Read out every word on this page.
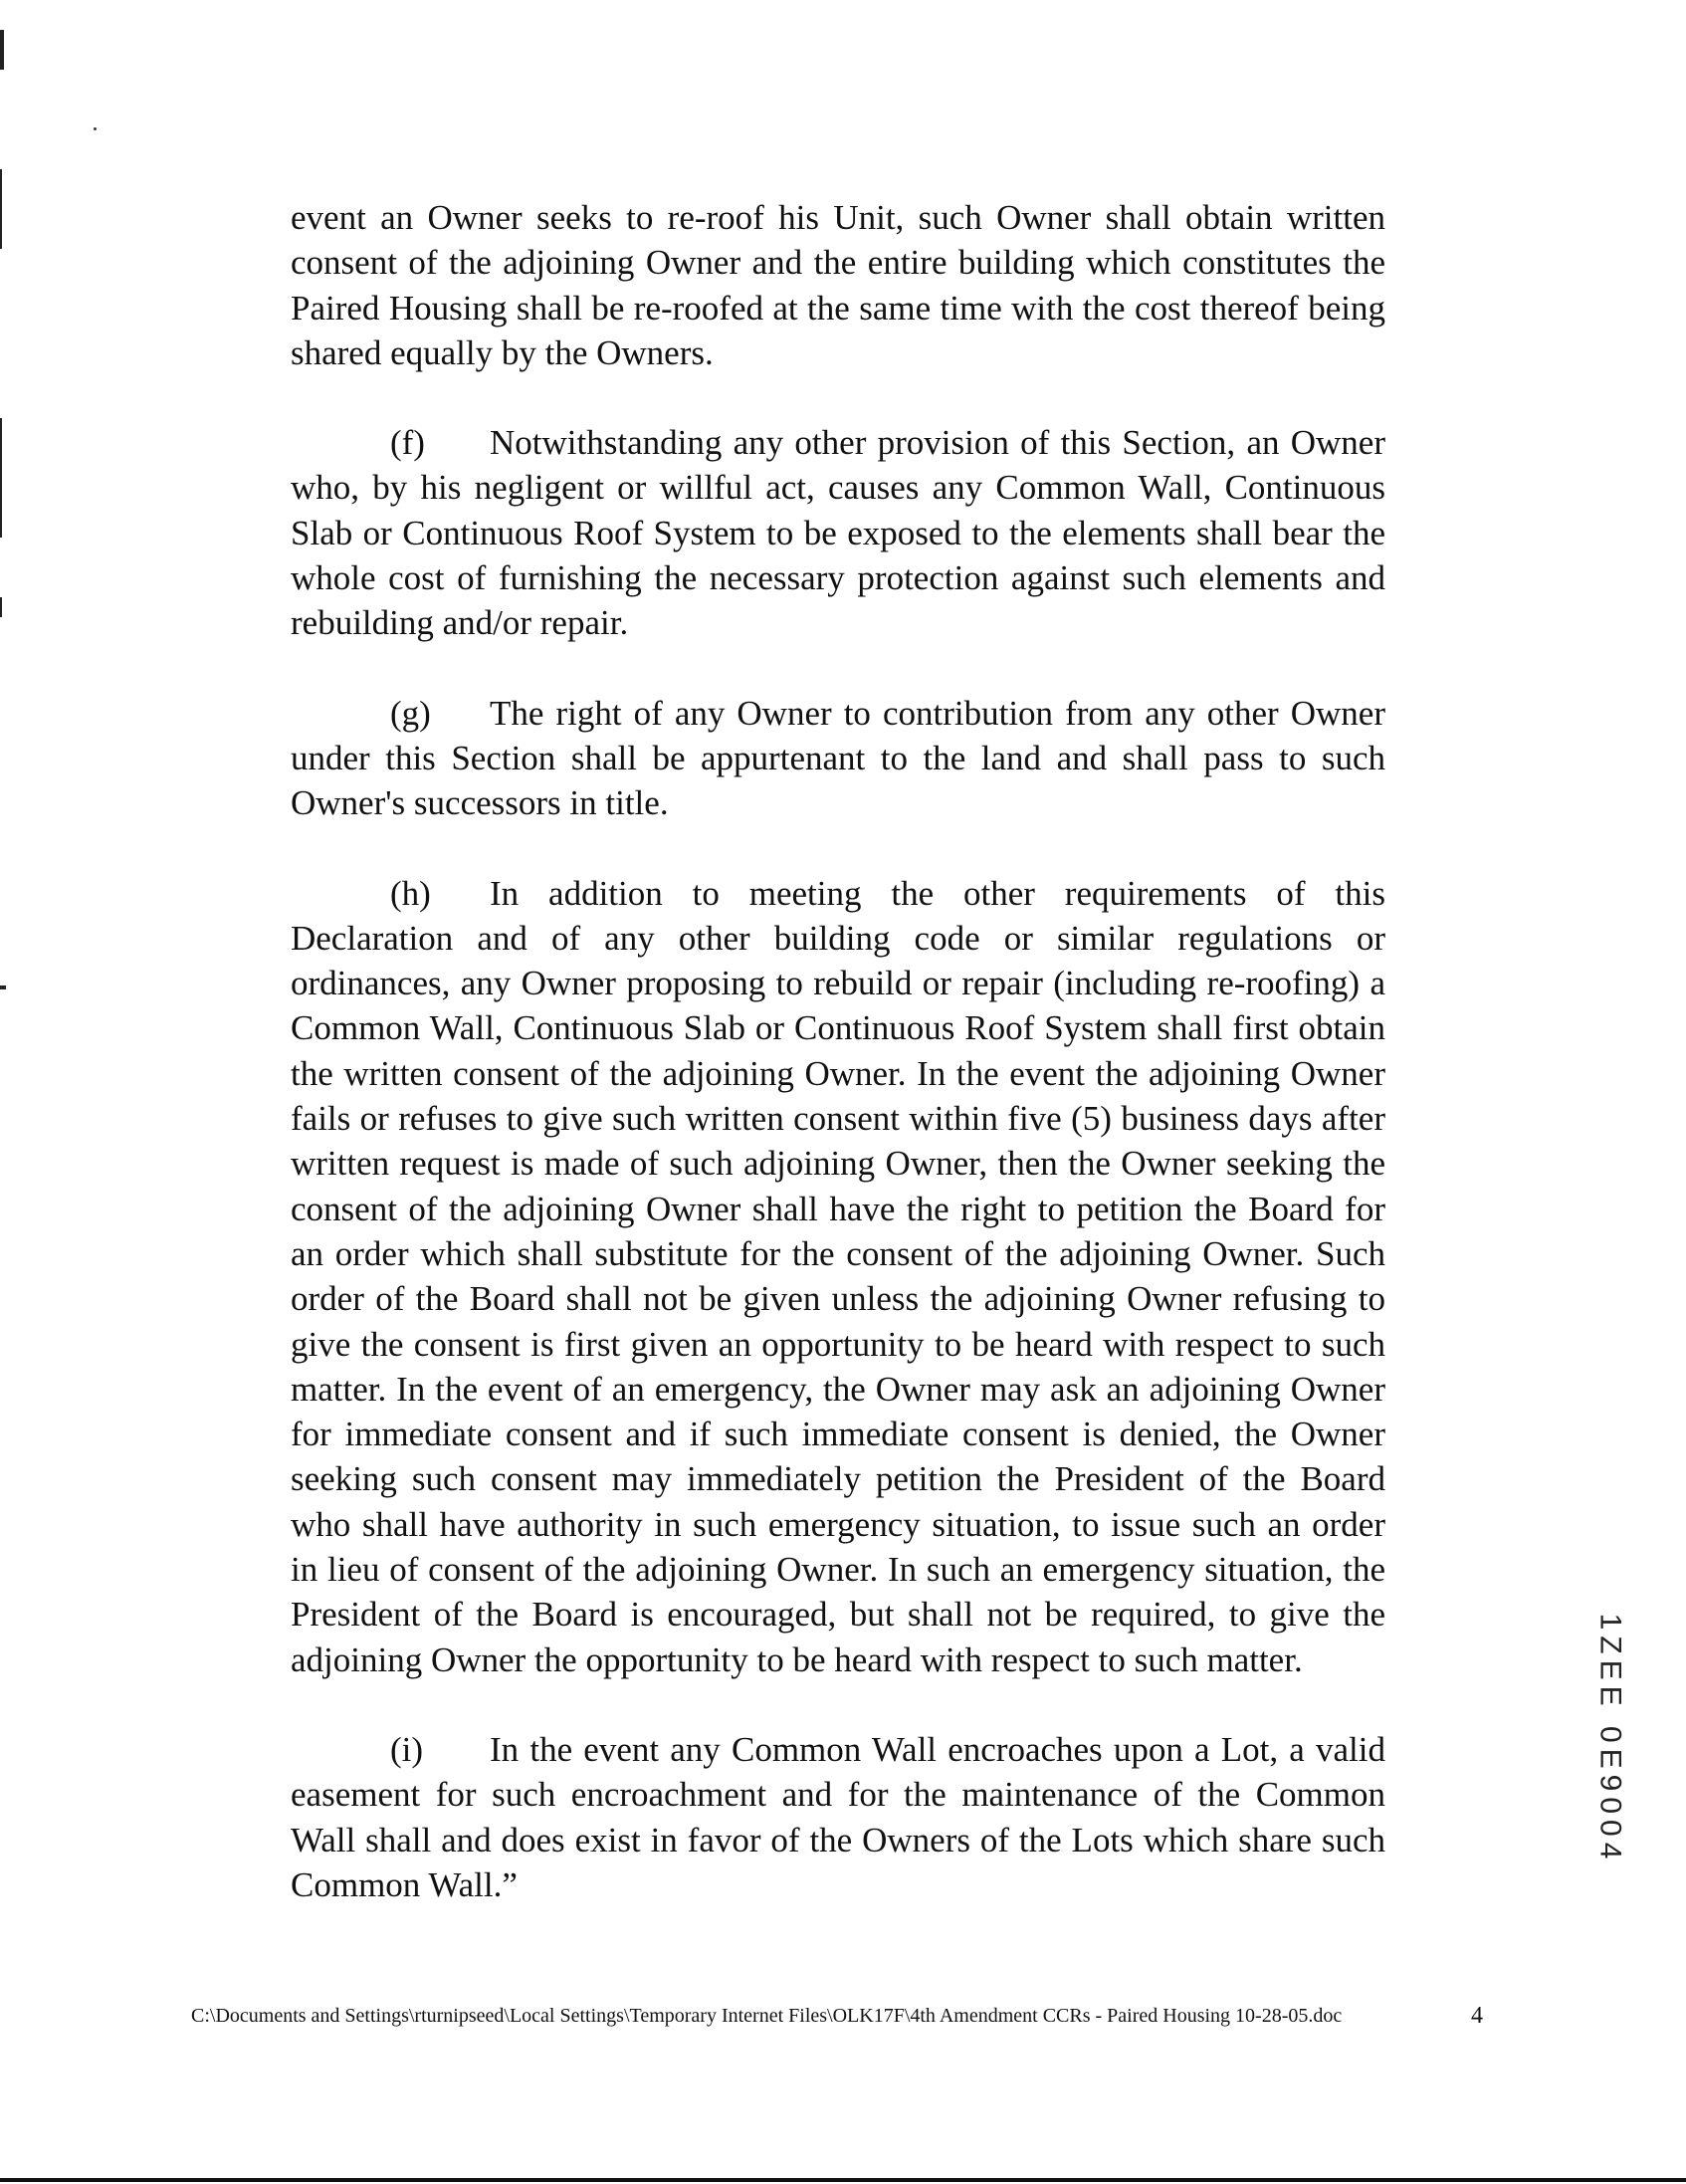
event an Owner seeks to re-roof his Unit, such Owner shall obtain written consent of the adjoining Owner and the entire building which constitutes the Paired Housing shall be re-roofed at the same time with the cost thereof being shared equally by the Owners.

(f) Notwithstanding any other provision of this Section, an Owner who, by his negligent or willful act, causes any Common Wall, Continuous Slab or Continuous Roof System to be exposed to the elements shall bear the whole cost of furnishing the necessary protection against such elements and rebuilding and/or repair.

(g) The right of any Owner to contribution from any other Owner under this Section shall be appurtenant to the land and shall pass to such Owner's successors in title.

(h) In addition to meeting the other requirements of this Declaration and of any other building code or similar regulations or ordinances, any Owner proposing to rebuild or repair (including re-roofing) a Common Wall, Continuous Slab or Continuous Roof System shall first obtain the written consent of the adjoining Owner. In the event the adjoining Owner fails or refuses to give such written consent within five (5) business days after written request is made of such adjoining Owner, then the Owner seeking the consent of the adjoining Owner shall have the right to petition the Board for an order which shall substitute for the consent of the adjoining Owner. Such order of the Board shall not be given unless the adjoining Owner refusing to give the consent is first given an opportunity to be heard with respect to such matter. In the event of an emergency, the Owner may ask an adjoining Owner for immediate consent and if such immediate consent is denied, the Owner seeking such consent may immediately petition the President of the Board who shall have authority in such emergency situation, to issue such an order in lieu of consent of the adjoining Owner. In such an emergency situation, the President of the Board is encouraged, but shall not be required, to give the adjoining Owner the opportunity to be heard with respect to such matter.

(i) In the event any Common Wall encroaches upon a Lot, a valid easement for such encroachment and for the maintenance of the Common Wall shall and does exist in favor of the Owners of the Lots which share such Common Wall.”

1ZEE 0E9004
C:\Documents and Settings\rturnipseed\Local Settings\Temporary Internet Files\OLK17F\4th Amendment CCRs - Paired Housing 10-28-05.doc	4
